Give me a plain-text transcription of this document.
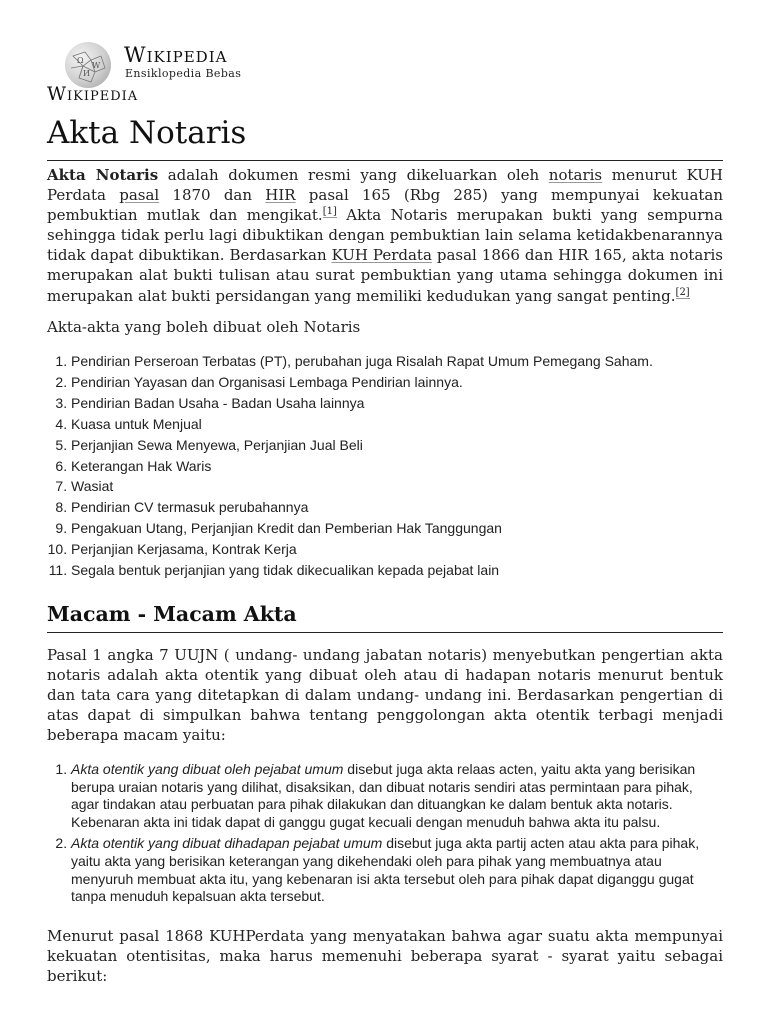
Ω
W
И
Wikipedia
Ensiklopedia Bebas
Wikipedia
Akta Notaris

Akta Notaris adalah dokumen resmi yang dikeluarkan oleh notaris menurut KUH Perdata pasal 1870 dan HIR pasal 165 (Rbg 285) yang mempunyai kekuatan pembuktian mutlak dan mengikat.[1] Akta Notaris merupakan bukti yang sempurna sehingga tidak perlu lagi dibuktikan dengan pembuktian lain selama ketidakbenarannya tidak dapat dibuktikan. Berdasarkan KUH Perdata pasal 1866 dan HIR 165, akta notaris merupakan alat bukti tulisan atau surat pembuktian yang utama sehingga dokumen ini merupakan alat bukti persidangan yang memiliki kedudukan yang sangat penting.[2]

Akta-akta yang boleh dibuat oleh Notaris
1. Pendirian Perseroan Terbatas (PT), perubahan juga Risalah Rapat Umum Pemegang Saham.
2. Pendirian Yayasan dan Organisasi Lembaga Pendirian lainnya.
3. Pendirian Badan Usaha - Badan Usaha lainnya
4. Kuasa untuk Menjual
5. Perjanjian Sewa Menyewa, Perjanjian Jual Beli
6. Keterangan Hak Waris
7. Wasiat
8. Pendirian CV termasuk perubahannya
9. Pengakuan Utang, Perjanjian Kredit dan Pemberian Hak Tanggungan
10. Perjanjian Kerjasama, Kontrak Kerja
11. Segala bentuk perjanjian yang tidak dikecualikan kepada pejabat lain
Macam - Macam Akta

Pasal 1 angka 7 UUJN ( undang- undang jabatan notaris) menyebutkan pengertian akta notaris adalah akta otentik yang dibuat oleh atau di hadapan notaris menurut bentuk dan tata cara yang ditetapkan di dalam undang- undang ini. Berdasarkan pengertian di atas dapat di simpulkan bahwa tentang penggolongan akta otentik terbagi menjadi beberapa macam yaitu:

1. Akta otentik yang dibuat oleh pejabat umum disebut juga akta relaas acten, yaitu akta yang berisikan berupa uraian notaris yang dilihat, disaksikan, dan dibuat notaris sendiri atas permintaan para pihak, agar tindakan atau perbuatan para pihak dilakukan dan dituangkan ke dalam bentuk akta notaris. Kebenaran akta ini tidak dapat di ganggu gugat kecuali dengan menuduh bahwa akta itu palsu.
2. Akta otentik yang dibuat dihadapan pejabat umum disebut juga akta partij acten atau akta para pihak, yaitu akta yang berisikan keterangan yang dikehendaki oleh para pihak yang membuatnya atau menyuruh membuat akta itu, yang kebenaran isi akta tersebut oleh para pihak dapat diganggu gugat tanpa menuduh kepalsuan akta tersebut.

Menurut pasal 1868 KUHPerdata yang menyatakan bahwa agar suatu akta mempunyai kekuatan otentisitas, maka harus memenuhi beberapa syarat - syarat yaitu sebagai berikut:
